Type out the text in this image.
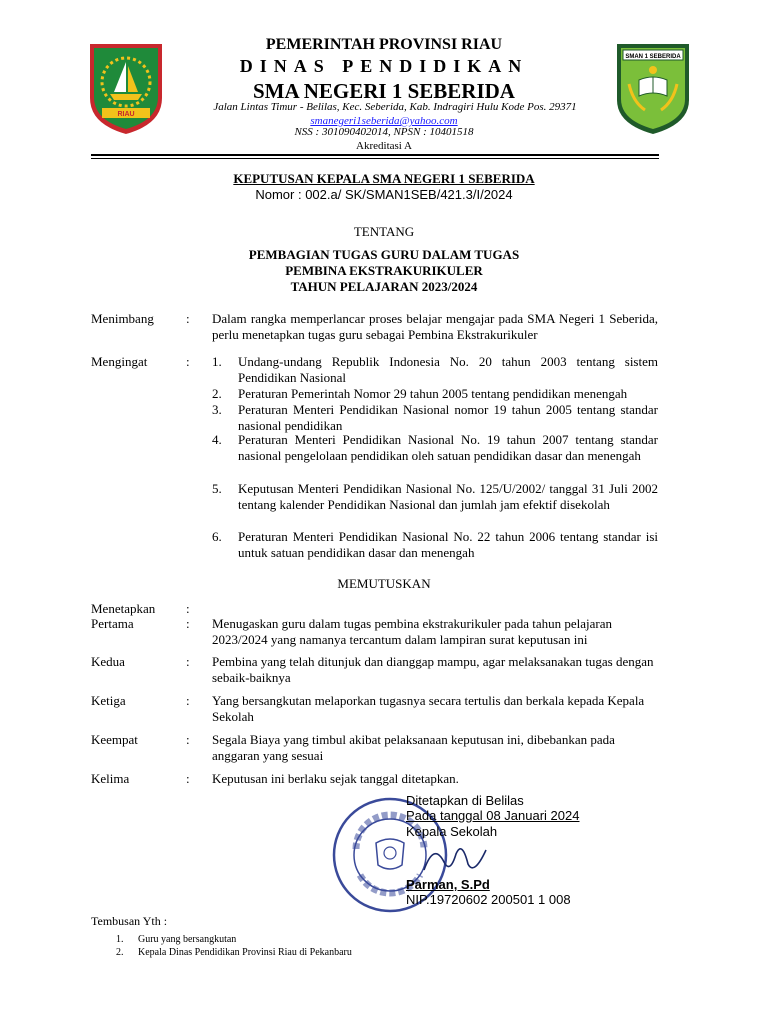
RIAU
SMAN 1 SEBERIDA
PEMERINTAH PROVINSI RIAU
DINAS PENDIDIKAN
SMA NEGERI 1 SEBERIDA
Jalan Lintas Timur - Belilas, Kec. Seberida, Kab. Indragiri Hulu Kode Pos. 29371
smanegeri1seberida@yahoo.com
NSS : 301090402014, NPSN : 10401518
Akreditasi A
KEPUTUSAN KEPALA SMA NEGERI 1 SEBERIDA
Nomor : 002.a/ SK/SMAN1SEB/421.3/I/2024
TENTANG
PEMBAGIAN TUGAS GURU DALAM TUGAS
PEMBINA EKSTRAKURIKULER
TAHUN PELAJARAN 2023/2024
Menimbang : Dalam rangka memperlancar proses belajar mengajar pada SMA Negeri 1 Seberida, perlu menetapkan tugas guru sebagai Pembina Ekstrakurikuler
Mengingat	: 1. Undang-undang Republik Indonesia No. 20 tahun 2003 tentang sistem Pendidikan Nasional
2. Peraturan Pemerintah Nomor 29 tahun 2005 tentang pendidikan menengah
3. Peraturan Menteri Pendidikan Nasional nomor 19 tahun 2005 tentang standar nasional pendidikan
4. Peraturan Menteri Pendidikan Nasional No. 19 tahun 2007 tentang standar nasional pengelolaan pendidikan oleh satuan pendidikan dasar dan menengah
5. Keputusan Menteri Pendidikan Nasional No. 125/U/2002/ tanggal 31 Juli 2002 tentang kalender Pendidikan Nasional dan jumlah jam efektif disekolah
6. Peraturan Menteri Pendidikan Nasional No. 22 tahun 2006 tentang standar isi untuk satuan pendidikan dasar dan menengah
MEMUTUSKAN
Menetapkan :
Pertama	: Menugaskan guru dalam tugas pembina ekstrakurikuler pada tahun pelajaran 2023/2024 yang namanya tercantum dalam lampiran surat keputusan ini
Kedua	: Pembina yang telah ditunjuk dan dianggap mampu, agar melaksanakan tugas dengan sebaik-baiknya
Ketiga	: Yang bersangkutan melaporkan tugasnya secara tertulis dan berkala kepada Kepala Sekolah
Keempat	: Segala Biaya yang timbul akibat pelaksanaan keputusan ini, dibebankan pada anggaran yang sesuai
Kelima	: Keputusan ini berlaku sejak tanggal ditetapkan.
Ditetapkan di Belilas
Pada tanggal 08 Januari 2024
Kepala Sekolah
Parman, S.Pd
NIP.19720602 200501 1 008
Tembusan Yth :
1. Guru yang bersangkutan
2. Kepala Dinas Pendidikan Provinsi Riau di Pekanbaru
